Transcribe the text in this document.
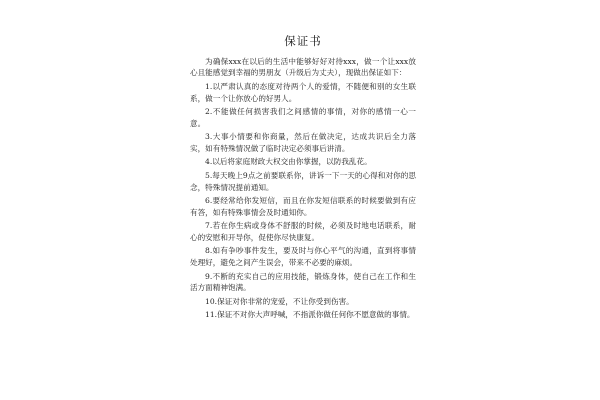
保证书

为确保xxx在以后的生活中能够好好对待xxx，做一个让xxx放心且能感觉到幸福的男朋友（升级后为丈夫），现做出保证如下：

1.以严肃认真的态度对待两个人的爱情，不随便和别的女生联系，做一个让你放心的好男人。

2.不能做任何损害我们之间感情的事情，对你的感情一心一意。

3.大事小情要和你商量，然后在做决定，达成共识后全力落实，如有特殊情况做了临时决定必须事后讲清。

4.以后将家庭财政大权交由你掌握，以防我乱花。

5.每天晚上9点之前要联系你，讲诉一下一天的心得和对你的思念，特殊情况提前通知。

6.要经常给你发短信，而且在你发短信联系的时候要做到有应有答，如有特殊事情会及时通知你。

7.若在你生病或身体不舒服的时候，必须及时地电话联系，耐心的安慰和开导你，促使你尽快康复。

8.如有争吵事件发生，要及时与你心平气的沟通，直到将事情处理好，避免之间产生误会，带来不必要的麻烦。

9.不断的充实自己的应用技能，锻炼身体，使自己在工作和生活方面精神饱满。

10.保证对你非常的宠爱，不让你受到伤害。

11.保证不对你大声呼喊，不指派你做任何你不愿意做的事情。
